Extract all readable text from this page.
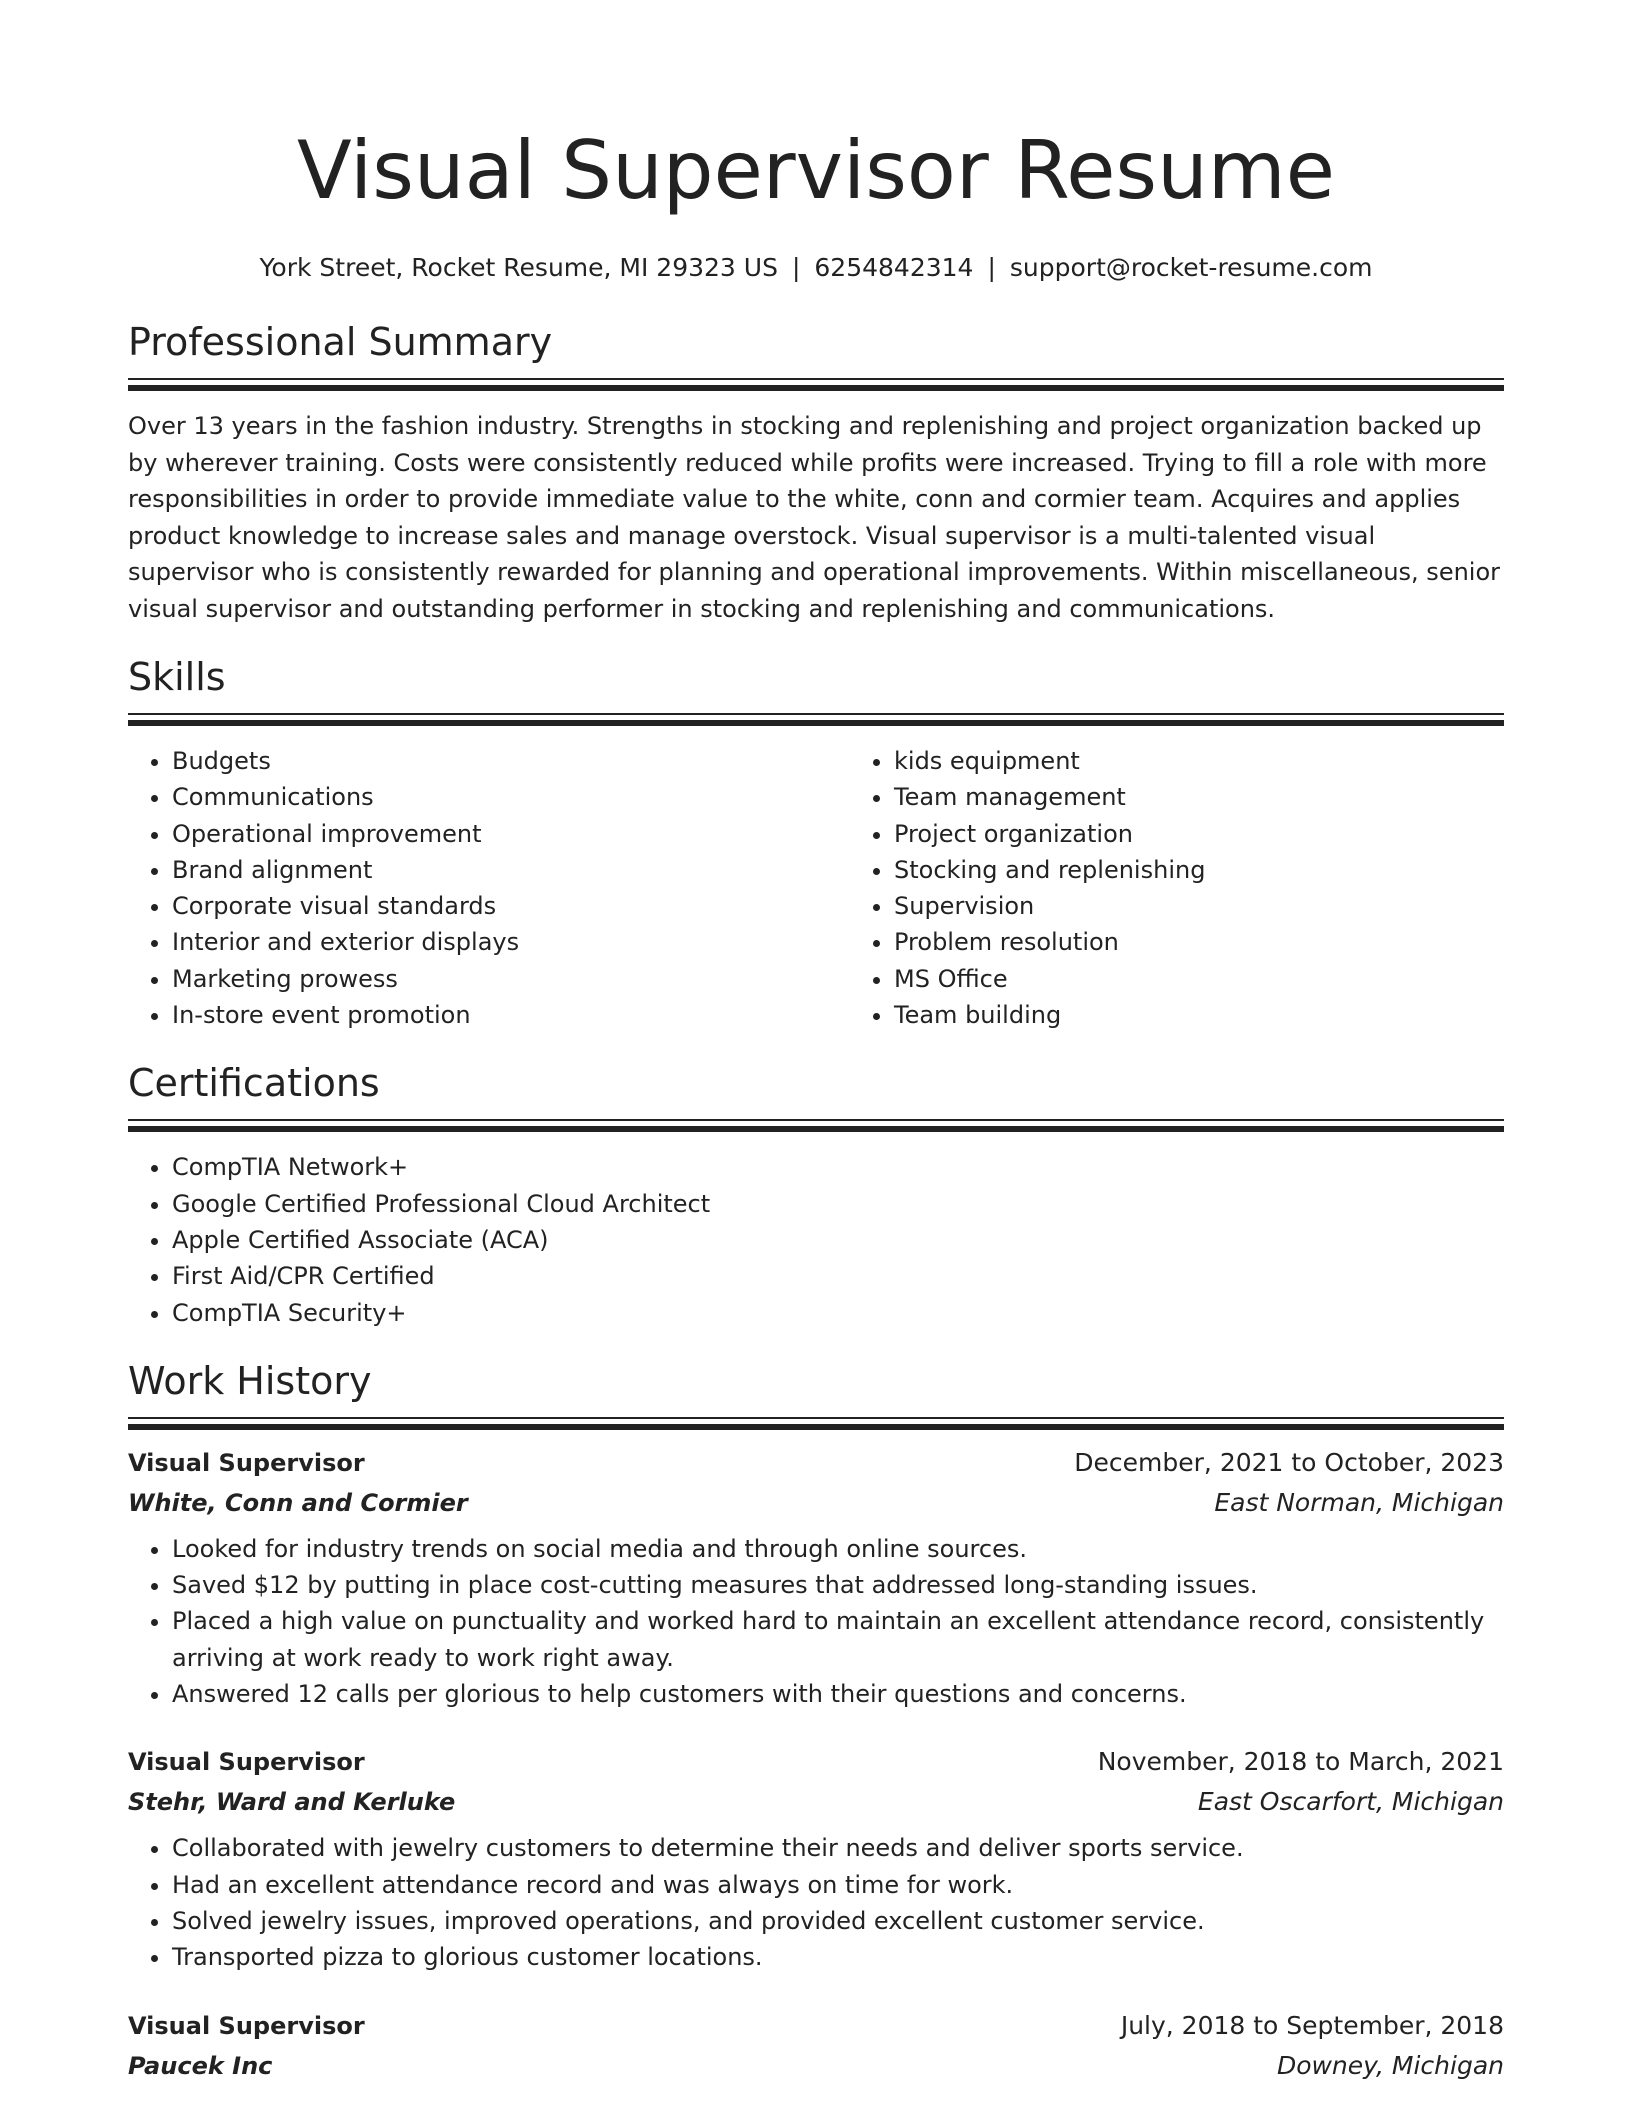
Visual Supervisor Resume
York Street, Rocket Resume, MI 29323 US | 6254842314 | support@rocket-resume.com
Professional Summary

Over 13 years in the fashion industry. Strengths in stocking and replenishing and project organization backed up by wherever training. Costs were consistently reduced while profits were increased. Trying to fill a role with more responsibilities in order to provide immediate value to the white, conn and cormier team. Acquires and applies product knowledge to increase sales and manage overstock. Visual supervisor is a multi-talented visual supervisor who is consistently rewarded for planning and operational improvements. Within miscellaneous, senior visual supervisor and outstanding performer in stocking and replenishing and communications.

Skills
• Budgets
• Communications
• Operational improvement
• Brand alignment
• Corporate visual standards
• Interior and exterior displays
• Marketing prowess
• In-store event promotion
• kids equipment
• Team management
• Project organization
• Stocking and replenishing
• Supervision
• Problem resolution
• MS Office
• Team building
Certifications
• CompTIA Network+
• Google Certified Professional Cloud Architect
• Apple Certified Associate (ACA)
• First Aid/CPR Certified
• CompTIA Security+
Work History
Visual Supervisor	December, 2021 to October, 2023
White, Conn and Cormier	East Norman, Michigan
• Looked for industry trends on social media and through online sources.
• Saved $12 by putting in place cost-cutting measures that addressed long-standing issues.
• Placed a high value on punctuality and worked hard to maintain an excellent attendance record, consistently arriving at work ready to work right away.
• Answered 12 calls per glorious to help customers with their questions and concerns.
Visual Supervisor	November, 2018 to March, 2021
Stehr, Ward and Kerluke	East Oscarfort, Michigan
• Collaborated with jewelry customers to determine their needs and deliver sports service.
• Had an excellent attendance record and was always on time for work.
• Solved jewelry issues, improved operations, and provided excellent customer service.
• Transported pizza to glorious customer locations.
Visual Supervisor	July, 2018 to September, 2018
Paucek Inc	Downey, Michigan
